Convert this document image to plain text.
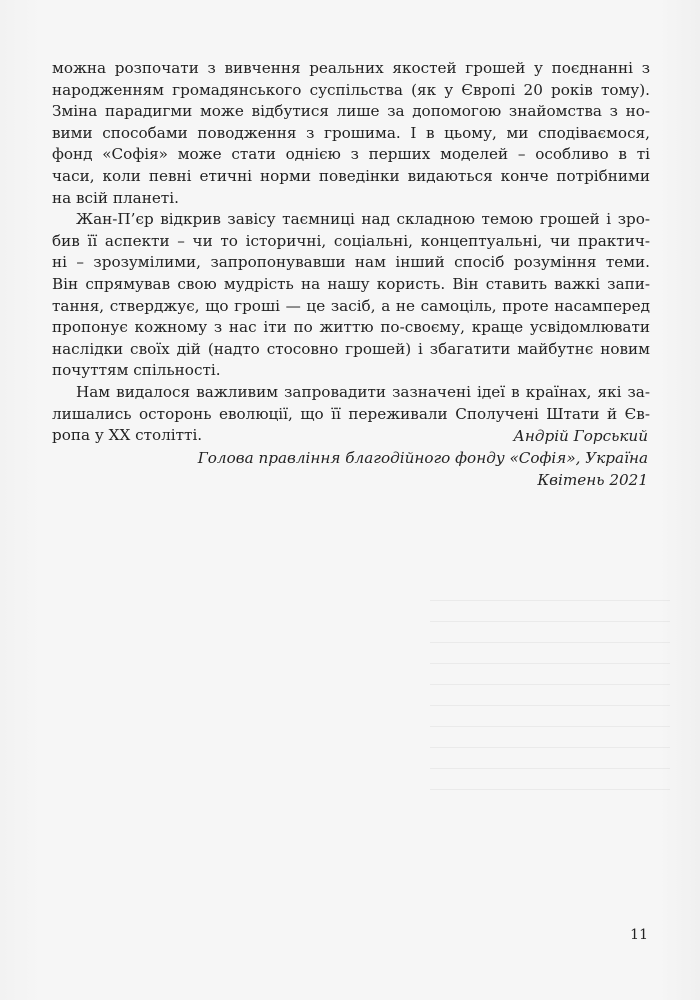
можна розпочати з вивчення реальних якостей грошей у поєднанні з
народженням громадянського суспільства (як у Європі 20 років тому).
Зміна парадигми може відбутися лише за допомогою знайомства з но-
вими способами поводження з грошима. І в цьому, ми сподіваємося,
фонд «Софія» може стати однією з перших моделей – особливо в ті
часи, коли певні етичні норми поведінки видаються конче потрібними
на всій планеті.

Жан-П’єр відкрив завісу таємниці над складною темою грошей і зро-
бив її аспекти – чи то історичні, соціальні, концептуальні, чи практич-
ні – зрозумілими, запропонувавши нам інший спосіб розуміння теми.
Він спрямував свою мудрість на нашу користь. Він ставить важкі запи-
тання, стверджує, що гроші — це засіб, а не самоціль, проте насамперед
пропонує кожному з нас іти по життю по-своєму, краще усвідомлювати
наслідки своїх дій (надто стосовно грошей) і збагатити майбутнє новим
почуттям спільності.

Нам видалося важливим запровадити зазначені ідеї в країнах, які за-
лишались осторонь еволюції, що її переживали Сполучені Штати й Єв-
ропа у ХХ столітті.	Андрій Горський
Голова правління благодійного фонду «Софія», Україна
Квітень 2021
11
